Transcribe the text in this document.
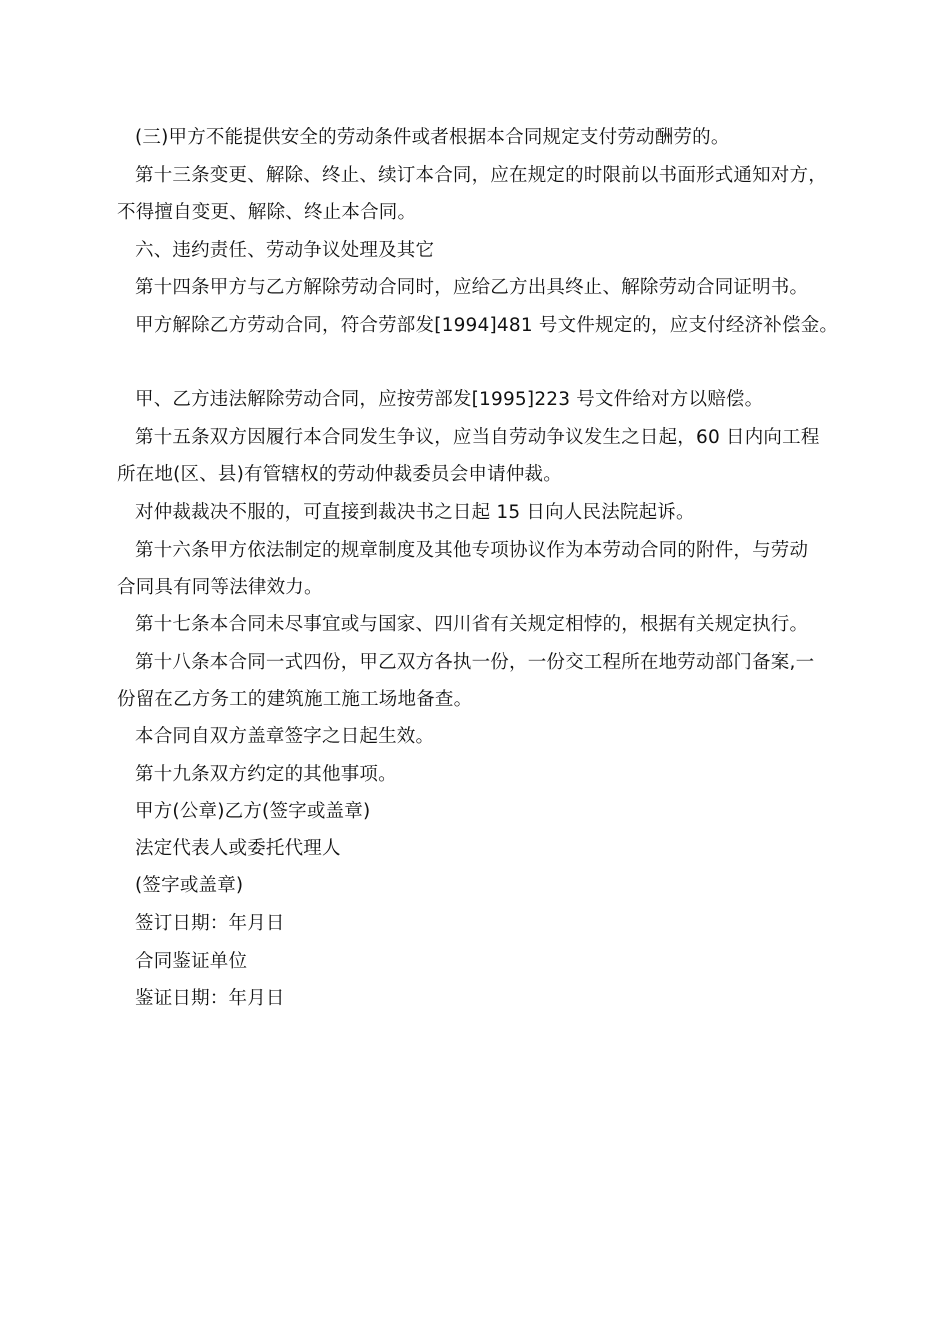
(三)甲方不能提供安全的劳动条件或者根据本合同规定支付劳动酬劳的。
第十三条变更、解除、终止、续订本合同，应在规定的时限前以书面形式通知对方，
不得擅自变更、解除、终止本合同。
六、违约责任、劳动争议处理及其它
第十四条甲方与乙方解除劳动合同时，应给乙方出具终止、解除劳动合同证明书。
甲方解除乙方劳动合同，符合劳部发[1994]481 号文件规定的，应支付经济补偿金。
甲、乙方违法解除劳动合同，应按劳部发[1995]223 号文件给对方以赔偿。
第十五条双方因履行本合同发生争议，应当自劳动争议发生之日起，60 日内向工程
所在地(区、县)有管辖权的劳动仲裁委员会申请仲裁。
对仲裁裁决不服的，可直接到裁决书之日起 15 日向人民法院起诉。
第十六条甲方依法制定的规章制度及其他专项协议作为本劳动合同的附件，与劳动
合同具有同等法律效力。
第十七条本合同未尽事宜或与国家、四川省有关规定相悖的，根据有关规定执行。
第十八条本合同一式四份，甲乙双方各执一份，一份交工程所在地劳动部门备案,一
份留在乙方务工的建筑施工施工场地备查。
本合同自双方盖章签字之日起生效。
第十九条双方约定的其他事项。
甲方(公章)乙方(签字或盖章)
法定代表人或委托代理人
(签字或盖章)
签订日期：年月日
合同鉴证单位
鉴证日期：年月日
